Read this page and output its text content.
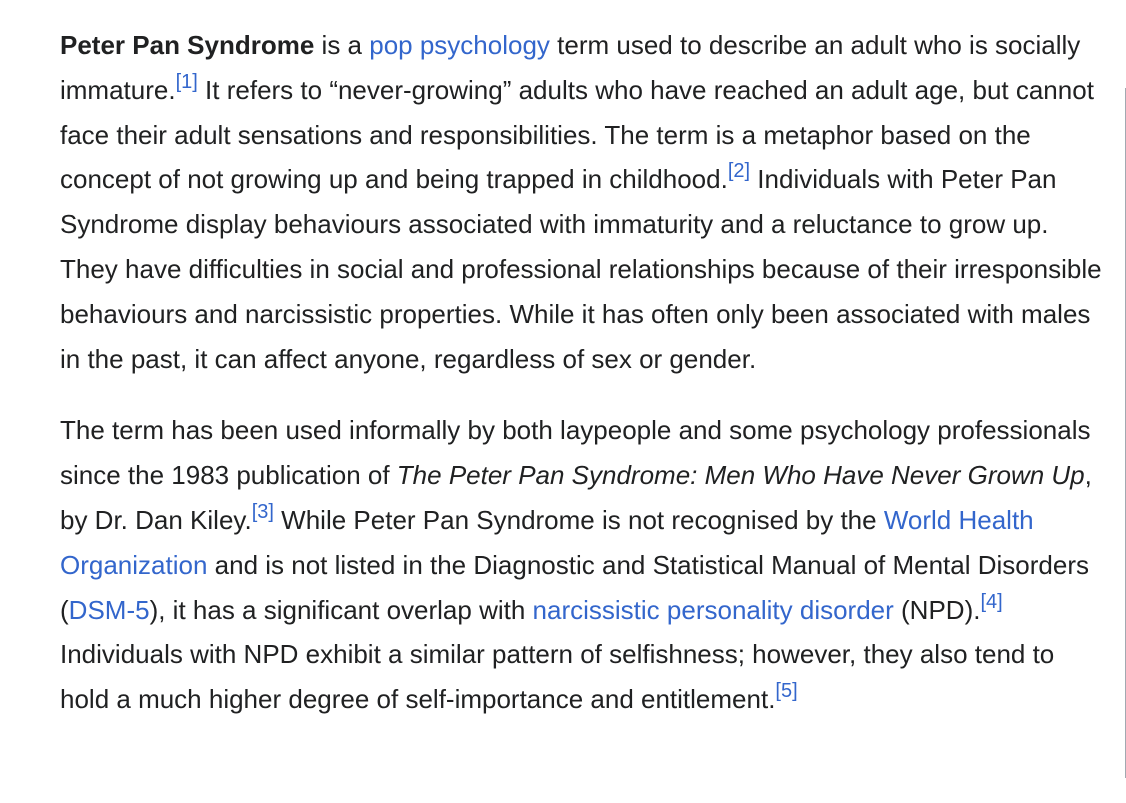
Peter Pan Syndrome is a pop psychology term used to describe an adult who is socially immature.[1] It refers to “never-growing” adults who have reached an adult age, but cannot face their adult sensations and responsibilities. The term is a metaphor based on the concept of not growing up and being trapped in childhood.[2] Individuals with Peter Pan Syndrome display behaviours associated with immaturity and a reluctance to grow up. They have difficulties in social and professional relationships because of their irresponsible behaviours and narcissistic properties. While it has often only been associated with males in the past, it can affect anyone, regardless of sex or gender.

The term has been used informally by both laypeople and some psychology professionals since the 1983 publication of The Peter Pan Syndrome: Men Who Have Never Grown Up, by Dr. Dan Kiley.[3] While Peter Pan Syndrome is not recognised by the World Health Organization and is not listed in the Diagnostic and Statistical Manual of Mental Disorders (DSM-5), it has a significant overlap with narcissistic personality disorder (NPD).[4] Individuals with NPD exhibit a similar pattern of selfishness; however, they also tend to hold a much higher degree of self-importance and entitlement.[5]
